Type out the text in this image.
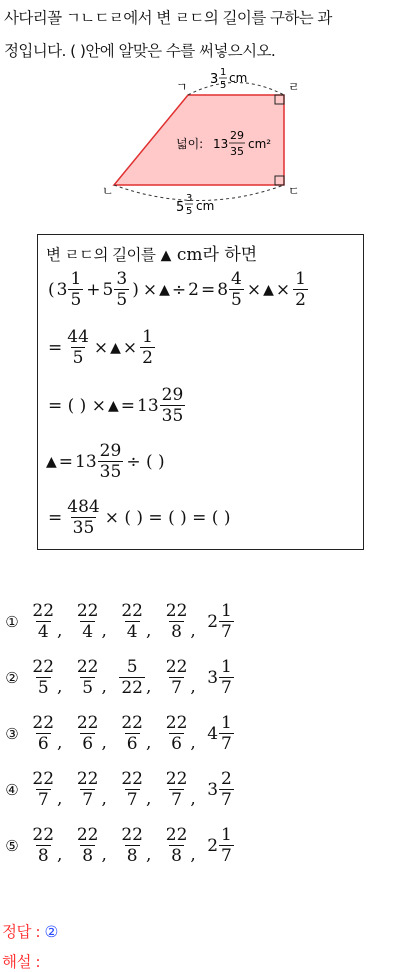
사다리꼴 ㄱㄴㄷㄹ에서 변 ㄹㄷ의 길이를 구하는 과
정입니다. ( )안에 알맞은 수를 써넣으시오.
ㄱ	ㄹ
ㄴ	ㄷ
3 1
5
cm
넓이: 13
29
35
cm²
5
3
5 cm
변 ㄹㄷ의 길이를 ▲ cm라 하면
( $3 \frac{1}{5} + 5 \frac{3}{5}$ ) × ▲ ÷ $2 = 8 \frac{4}{5}$ × ▲ × $\frac{1}{2}$
= $\frac{44}{5}$ × ▲ × $\frac{1}{2}$
= ( ) × ▲ = $13 \frac{29}{35}$
▲ = $13 \frac{29}{35}$ ÷ ( )
= $\frac{484}{35}$ × ( ) = ( ) = ( )
① $\frac{22}{4}$ , $\frac{22}{4}$ , $\frac{22}{4}$ , $\frac{22}{8}$ , $2 \frac{1}{7}$
② $\frac{22}{5}$ , $\frac{22}{5}$ , $\frac{5}{22}$ , $\frac{22}{7}$ , $3 \frac{1}{7}$
③ $\frac{22}{6}$ , $\frac{22}{6}$ , $\frac{22}{6}$ , $\frac{22}{6}$ , $4 \frac{1}{7}$
④ $\frac{22}{7}$ , $\frac{22}{7}$ , $\frac{22}{7}$ , $\frac{22}{7}$ , $3 \frac{2}{7}$
⑤ $\frac{22}{8}$ , $\frac{22}{8}$ , $\frac{22}{8}$ , $\frac{22}{8}$ , $2 \frac{1}{7}$
정답 : ②
해설 :
